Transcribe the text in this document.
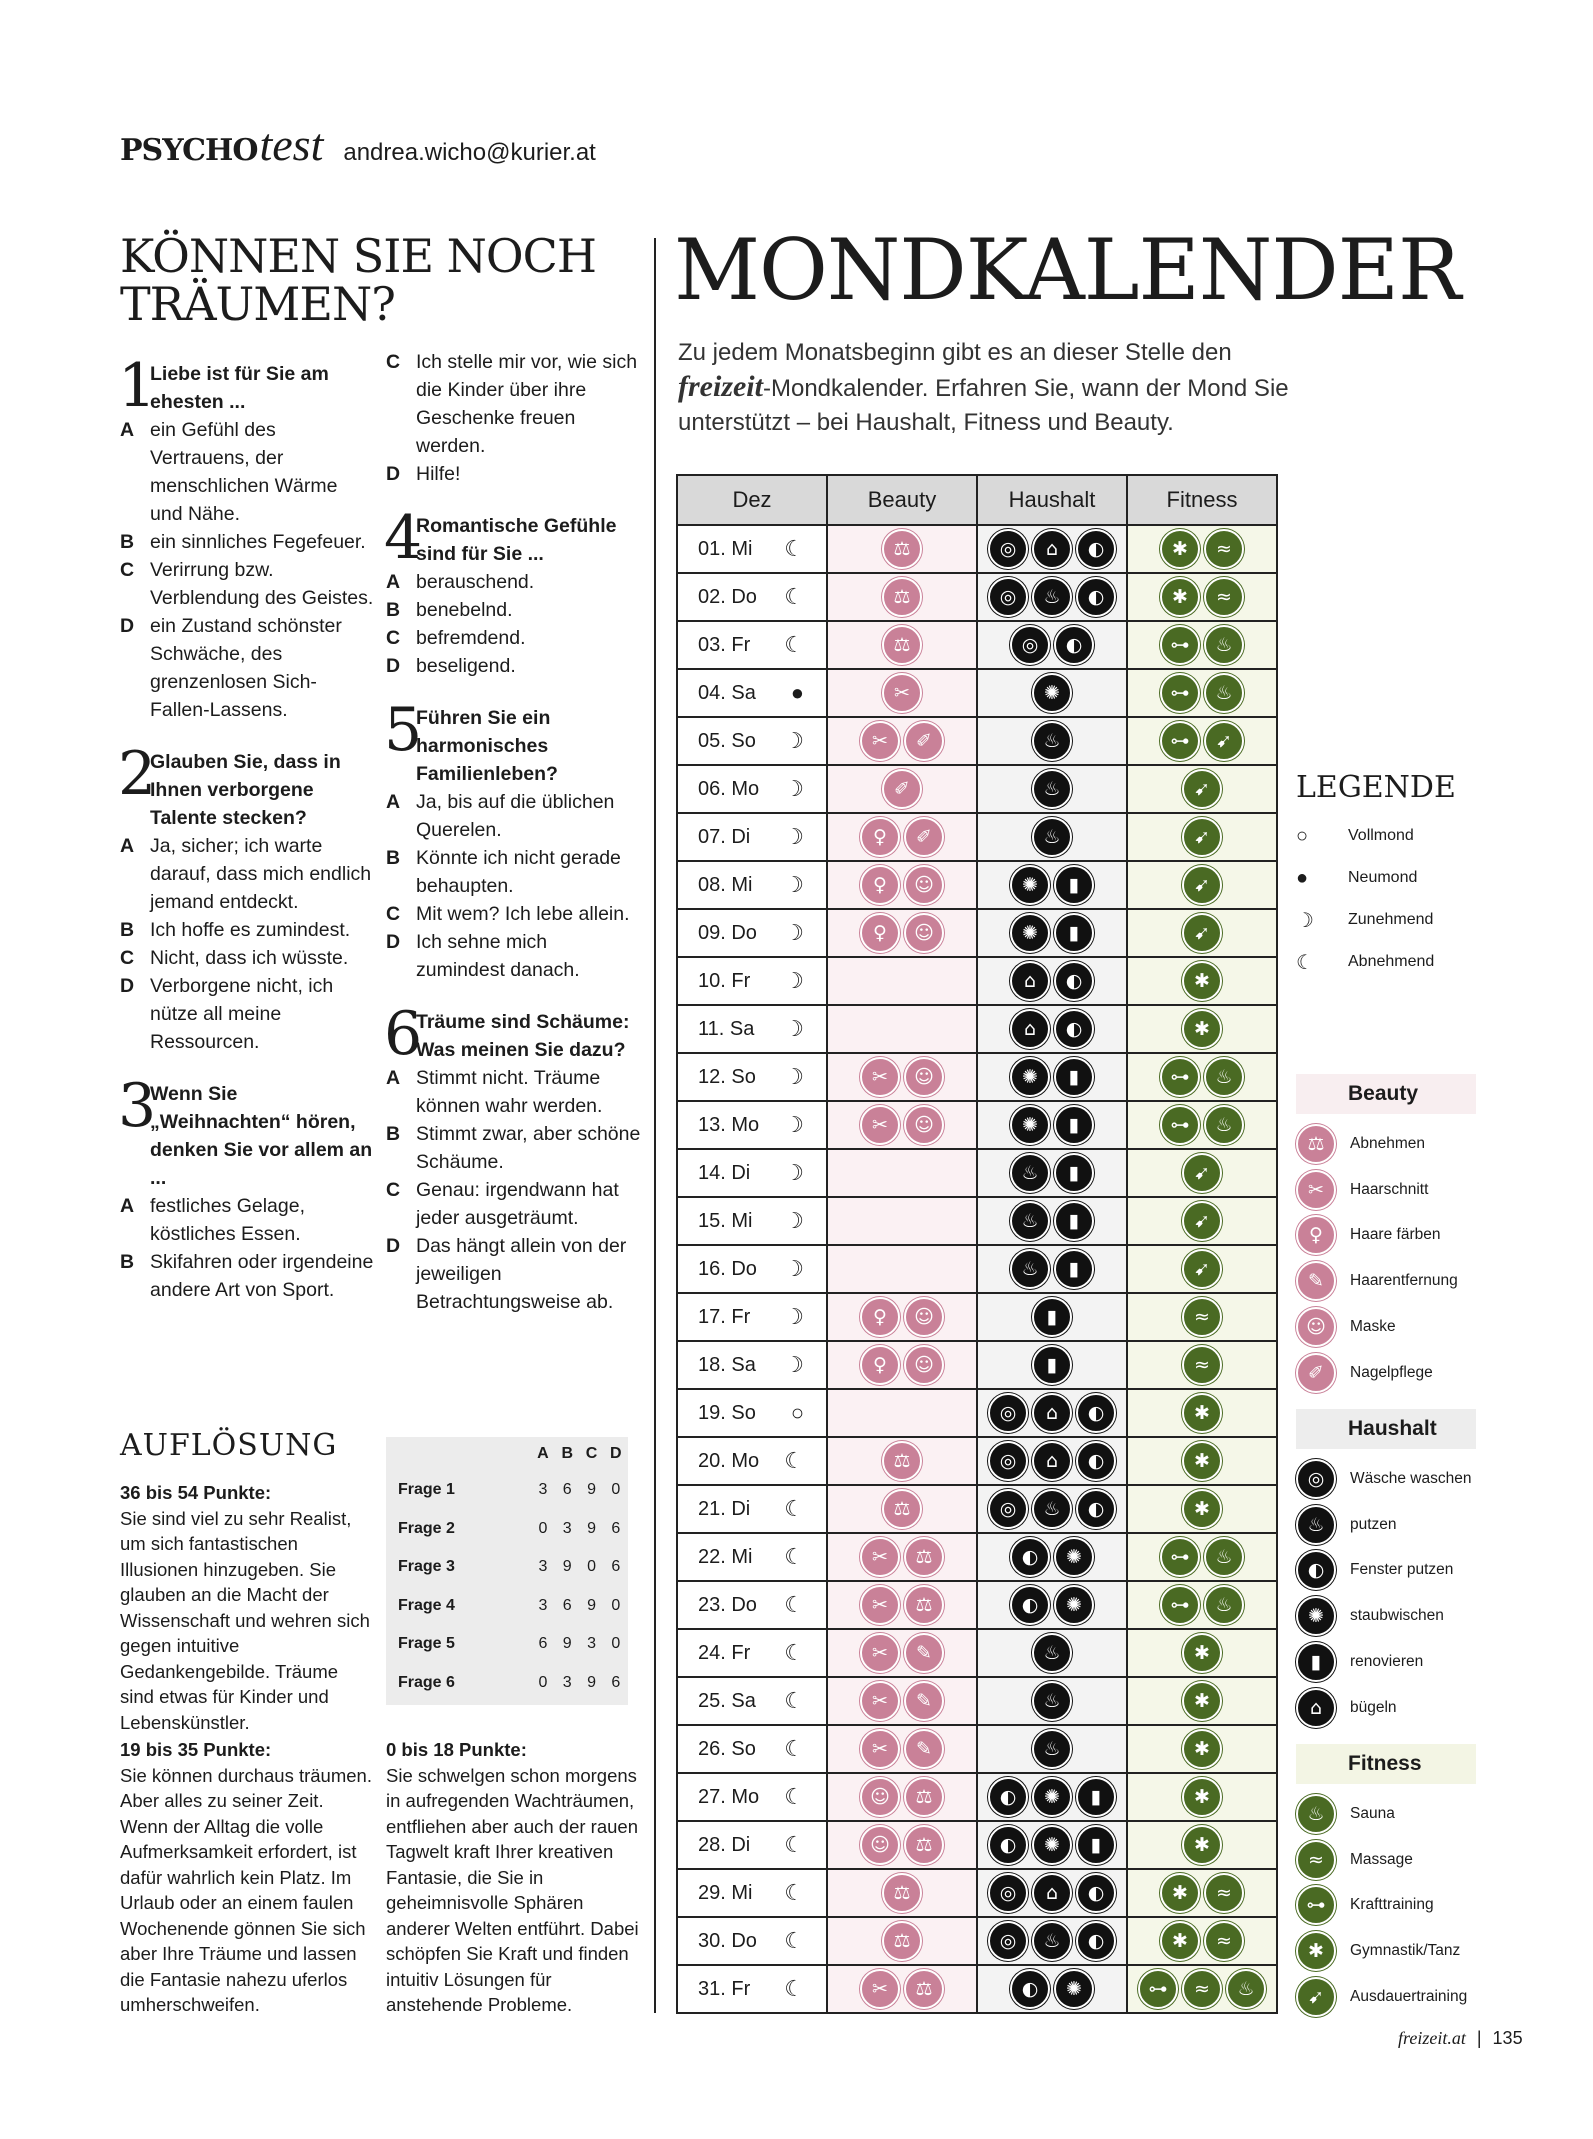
PSYCHO test andrea.wicho@kurier.at
KÖNNEN SIE NOCH TRÄUMEN?
1
Liebe ist für Sie am ehesten ...
A ein Gefühl des Vertrauens, der menschlichen Wärme und Nähe.
B ein sinnliches Fegefeuer.
C Verirrung bzw. Verblendung des Geistes.
D ein Zustand schönster Schwäche, des grenzenlosen Sich-Fallen-Lassens.
2
Glauben Sie, dass in Ihnen verborgene Talente stecken?
A Ja, sicher; ich warte darauf, dass mich endlich jemand entdeckt.
B Ich hoffe es zumindest.
C Nicht, dass ich wüsste.
D Verborgene nicht, ich nütze all meine Ressourcen.
3
Wenn Sie „Weihnachten“ hören, denken Sie vor allem an ...
A festliches Gelage, köstliches Essen.
B Skifahren oder irgendeine andere Art von Sport.
C Ich stelle mir vor, wie sich die Kinder über ihre Geschenke freuen werden.
D Hilfe!
4
Romantische Gefühle sind für Sie ...
A berauschend.
B benebelnd.
C befremdend.
D beseligend.
5
Führen Sie ein harmonisches Familienleben?
A Ja, bis auf die üblichen Querelen.
B Könnte ich nicht gerade behaupten.
C Mit wem? Ich lebe allein.
D Ich sehne mich zumindest danach.
6
Träume sind Schäume: Was meinen Sie dazu?
A Stimmt nicht. Träume können wahr werden.
B Stimmt zwar, aber schöne Schäume.
C Genau: irgendwann hat jeder ausgeträumt.
D Das hängt allein von der jeweiligen Betrachtungsweise ab.
AUFLÖSUNG
36 bis 54 Punkte:
Sie sind viel zu sehr Realist, um sich fantastischen Illusionen hinzugeben. Sie glauben an die Macht der Wissenschaft und wehren sich gegen intuitive Gedankengebilde. Träume sind etwas für Kinder und Lebenskünstler.
19 bis 35 Punkte:
Sie können durchaus träumen. Aber alles zu seiner Zeit. Wenn der Alltag die volle Aufmerksamkeit erfordert, ist dafür wahrlich kein Platz. Im Urlaub oder an einem faulen Wochenende gönnen Sie sich aber Ihre Träume und lassen die Fantasie nahezu uferlos umherschweifen.
0 bis 18 Punkte:
Sie schwelgen schon morgens in aufregenden Wachträumen, entfliehen aber auch der rauen Tagwelt kraft Ihrer kreativen Fantasie, die Sie in geheimnisvolle Sphären anderer Welten entführt. Dabei schöpfen Sie Kraft und finden intuitiv Lösungen für anstehende Probleme.
	A	B	C	D
Frage 1	3	6	9	0
Frage 2	0	3	9	6
Frage 3	3	9	0	6
Frage 4	3	6	9	0
Frage 5	6	9	3	0
Frage 6	0	3	9	6
MONDKALENDER
Zu jedem Monatsbeginn gibt es an dieser Stelle den freizeit-Mondkalender. Erfahren Sie, wann der Mond Sie unterstützt – bei Haushalt, Fitness und Beauty.
Dez	Beauty	Haushalt	Fitness
01. Mi ☾	⚖	◎ ⌂ ◐	✱ ≈

02. Do ☾	⚖	◎ ♨ ◐	✱ ≈

03. Fr ☾	⚖	◎ ◐	⊶ ♨

04. Sa ●	✂	✺	⊶ ♨

05. So ☽	✂ ✐	♨	⊶ ➹

06. Mo ☽	✐	♨	➹

07. Di ☽	♀ ✐	♨	➹

08. Mi ☽	♀ ☺	✺ ▮	➹

09. Do ☽	♀ ☺	✺ ▮	➹

10. Fr ☽		⌂ ◐	✱

11. Sa ☽		⌂ ◐	✱

12. So ☽	✂ ☺	✺ ▮	⊶ ♨

13. Mo ☽	✂ ☺	✺ ▮	⊶ ♨

14. Di ☽		♨ ▮	➹

15. Mi ☽		♨ ▮	➹

16. Do ☽		♨ ▮	➹

17. Fr ☽	♀ ☺	▮	≈

18. Sa ☽	♀ ☺	▮	≈

19. So ○		◎ ⌂ ◐	✱

20. Mo ☾	⚖	◎ ⌂ ◐	✱

21. Di ☾	⚖	◎ ♨ ◐	✱

22. Mi ☾	✂ ⚖	◐ ✺	⊶ ♨

23. Do ☾	✂ ⚖	◐ ✺	⊶ ♨

24. Fr ☾	✂ ✎	♨	✱

25. Sa ☾	✂ ✎	♨	✱

26. So ☾	✂ ✎	♨	✱

27. Mo ☾	☺ ⚖	◐ ✺ ▮	✱

28. Di ☾	☺ ⚖	◐ ✺ ▮	✱

29. Mi ☾	⚖	◎ ⌂ ◐	✱ ≈

30. Do ☾	⚖	◎ ♨ ◐	✱ ≈

31. Fr ☾	✂ ⚖	◐ ✺	⊶ ≈ ♨
LEGENDE
○	Vollmond
●	Neumond
☽	Zunehmend
☾	Abnehmend
Beauty
⚖	Abnehmen
✂	Haarschnitt
♀	Haare färben
✎	Haarentfernung
☺	Maske
✐	Nagelpflege
Haushalt
◎	Wäsche waschen
♨	putzen
◐	Fenster putzen
✺	staubwischen
▮	renovieren
⌂	bügeln
Fitness
♨	Sauna
≈	Massage
⊶	Krafttraining
✱	Gymnastik/Tanz
➹	Ausdauertraining
freizeit.at | 135
